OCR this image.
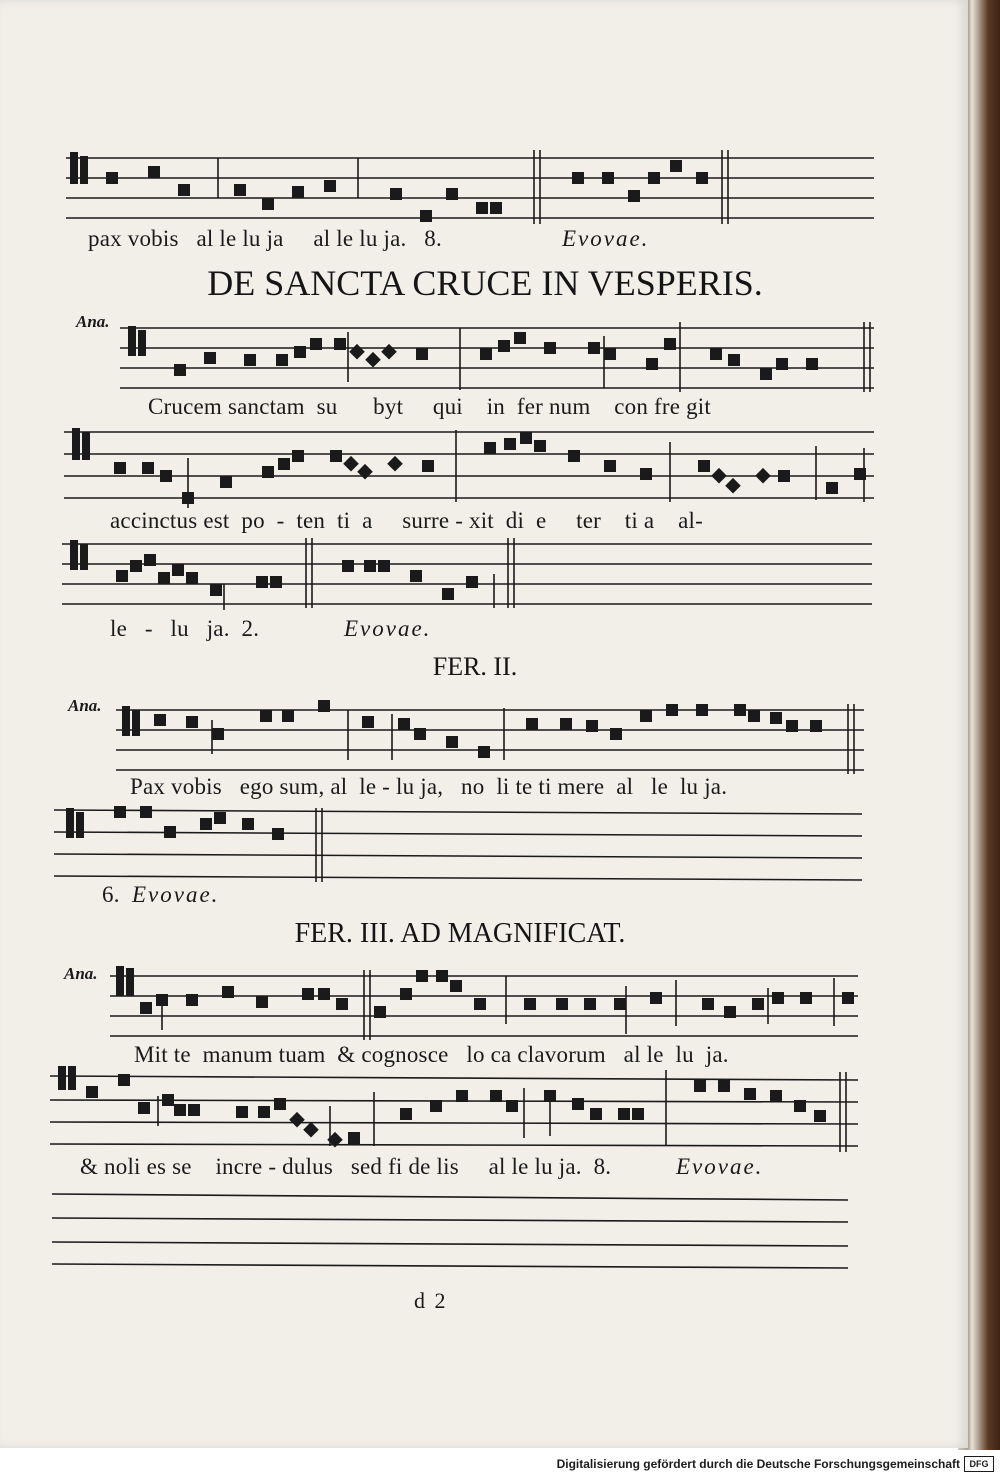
pax vobis   al le lu ja     al le lu ja.   8.	Evovae.
DE SANCTA CRUCE IN VESPERIS.
Ana.
Crucem sanctam  su      byt     qui    in  fer num    con fre git
accinctus est  po  -  ten  ti  a     surre - xit  di  e     ter    ti a    al-
le   -   lu   ja.  2.	Evovae.
FER. II.
Ana.
Pax vobis   ego sum, al  le - lu ja,   no  li te ti mere  al   le  lu ja.
6. Evovae.
FER. III. AD MAGNIFICAT.
Ana.
Mit te  manum tuam  & cognosce   lo ca clavorum   al le  lu  ja.
& noli es se    incre - dulus   sed fi de lis     al le lu ja.  8.	Evovae.
d 2
Digitalisierung gefördert durch die Deutsche Forschungsgemeinschaft	DFG
